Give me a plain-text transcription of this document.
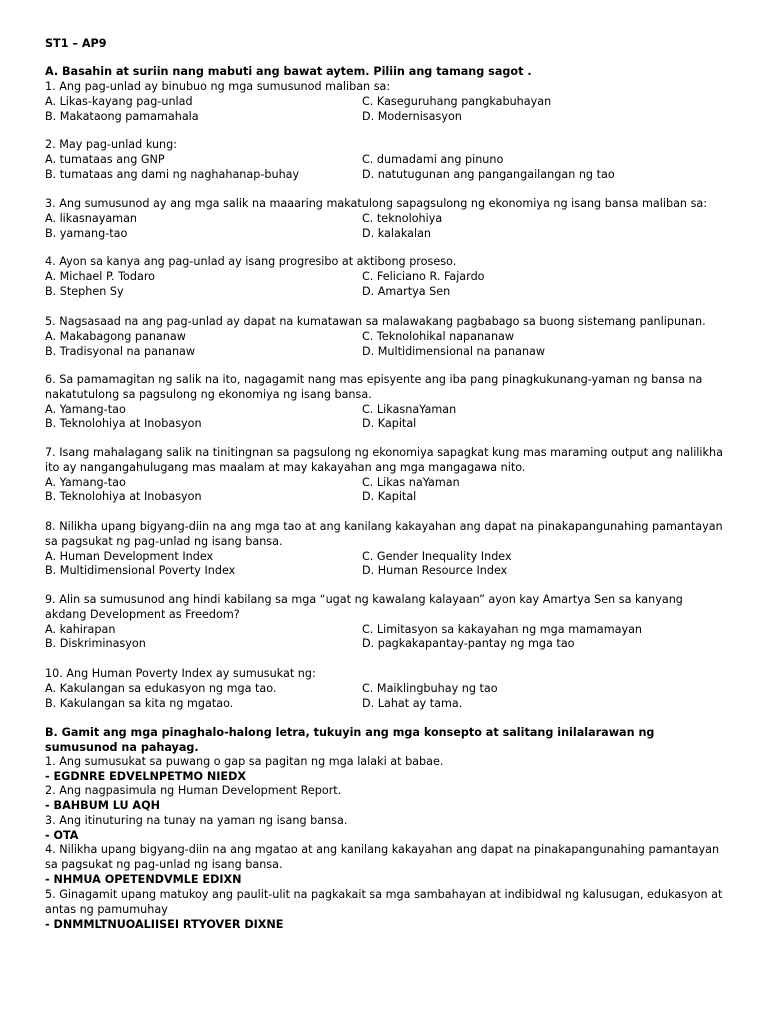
ST1 – AP9
A. Basahin at suriin nang mabuti ang bawat aytem. Piliin ang tamang sagot .
1. Ang pag-unlad ay binubuo ng mga sumusunod maliban sa:
A. Likas-kayang pag-unlad	C. Kaseguruhang pangkabuhayan
B. Makataong pamamahala	D. Modernisasyon
2. May pag-unlad kung:
A. tumataas ang GNP	C. dumadami ang pinuno
B. tumataas ang dami ng naghahanap-buhay	D. natutugunan ang pangangailangan ng tao
3. Ang sumusunod ay ang mga salik na maaaring makatulong sapagsulong ng ekonomiya ng isang bansa maliban sa:
A. likasnayaman	C. teknolohiya
B. yamang-tao	D. kalakalan
4. Ayon sa kanya ang pag-unlad ay isang progresibo at aktibong proseso.
A. Michael P. Todaro	C. Feliciano R. Fajardo
B. Stephen Sy	D. Amartya Sen
5. Nagsasaad na ang pag-unlad ay dapat na kumatawan sa malawakang pagbabago sa buong sistemang panlipunan.
A. Makabagong pananaw	C. Teknolohikal napananaw
B. Tradisyonal na pananaw	D. Multidimensional na pananaw
6. Sa pamamagitan ng salik na ito, nagagamit nang mas episyente ang iba pang pinagkukunang-yaman ng bansa na nakatutulong sa pagsulong ng ekonomiya ng isang bansa.
A. Yamang-tao	C. LikasnaYaman
B. Teknolohiya at Inobasyon	D. Kapital
7. Isang mahalagang salik na tinitingnan sa pagsulong ng ekonomiya sapagkat kung mas maraming output ang nalilikha ito ay nangangahulugang mas maalam at may kakayahan ang mga mangagawa nito.
A. Yamang-tao	C. Likas naYaman
B. Teknolohiya at Inobasyon	D. Kapital
8. Nilikha upang bigyang-diin na ang mga tao at ang kanilang kakayahan ang dapat na pinakapangunahing pamantayan sa pagsukat ng pag-unlad ng isang bansa.
A. Human Development Index	C. Gender Inequality Index
B. Multidimensional Poverty Index	D. Human Resource Index
9. Alin sa sumusunod ang hindi kabilang sa mga “ugat ng kawalang kalayaan” ayon kay Amartya Sen sa kanyang akdang Development as Freedom?
A. kahirapan	C. Limitasyon sa kakayahan ng mga mamamayan
B. Diskriminasyon	D. pagkakapantay-pantay ng mga tao
10. Ang Human Poverty Index ay sumusukat ng:
A. Kakulangan sa edukasyon ng mga tao.	C. Maiklingbuhay ng tao
B. Kakulangan sa kita ng mgatao.	D. Lahat ay tama.
B. Gamit ang mga pinaghalo-halong letra, tukuyin ang mga konsepto at salitang inilalarawan ng sumusunod na pahayag.
1. Ang sumusukat sa puwang o gap sa pagitan ng mga lalaki at babae.
- EGDNRE EDVELNPETMO NIEDX
2. Ang nagpasimula ng Human Development Report.
- BAHBUM LU AQH
3. Ang itinuturing na tunay na yaman ng isang bansa.
- OTA
4. Nilikha upang bigyang-diin na ang mgatao at ang kanilang kakayahan ang dapat na pinakapangunahing pamantayan sa pagsukat ng pag-unlad ng isang bansa.
- NHMUA OPETENDVMLE EDIXN
5. Ginagamit upang matukoy ang paulit-ulit na pagkakait sa mga sambahayan at indibidwal ng kalusugan, edukasyon at antas ng pamumuhay
- DNMMLTNUOALIISEI RTYOVER DIXNE
